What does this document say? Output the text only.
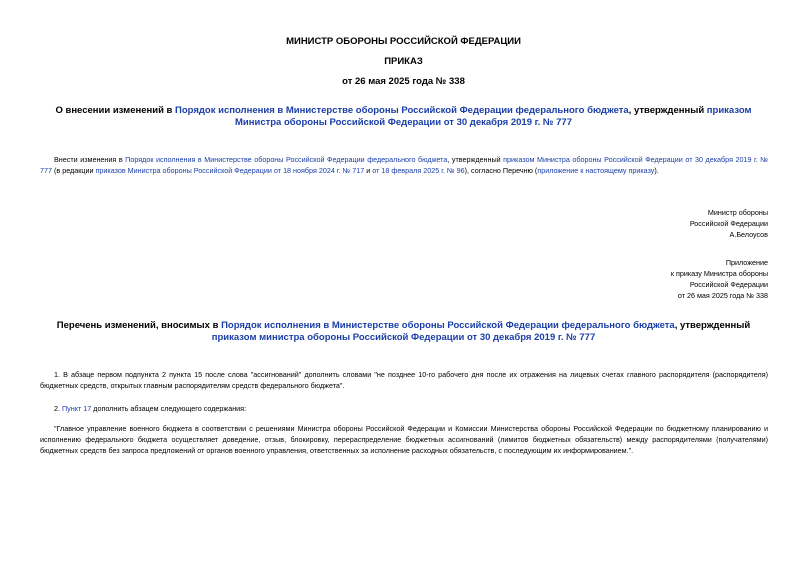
МИНИСТР ОБОРОНЫ РОССИЙСКОЙ ФЕДЕРАЦИИ
ПРИКАЗ
от 26 мая 2025 года № 338
О внесении изменений в Порядок исполнения в Министерстве обороны Российской Федерации федерального бюджета, утвержденный приказом Министра обороны Российской Федерации от 30 декабря 2019 г. № 777
Внести изменения в Порядок исполнения в Министерстве обороны Российской Федерации федерального бюджета, утвержденный приказом Министра обороны Российской Федерации от 30 декабря 2019 г. № 777 (в редакции приказов Министра обороны Российской Федерации от 18 ноября 2024 г. № 717 и от 18 февраля 2025 г. № 96), согласно Перечню (приложение к настоящему приказу).

Министр обороны

Российской Федерации

А.Белоусов

Приложение

к приказу Министра обороны

Российской Федерации

от 26 мая 2025 года № 338

Перечень изменений, вносимых в Порядок исполнения в Министерстве обороны Российской Федерации федерального бюджета, утвержденный приказом министра обороны Российской Федерации от 30 декабря 2019 г. № 777
1. В абзаце первом подпункта 2 пункта 15 после слова "ассигнований" дополнить словами "не позднее 10-го рабочего дня после их отражения на лицевых счетах главного распорядителя (распорядителя) бюджетных средств, открытых главным распорядителям средств федерального бюджета".
2. Пункт 17 дополнить абзацем следующего содержания:
"Главное управление военного бюджета в соответствии с решениями Министра обороны Российской Федерации и Комиссии Министерства обороны Российской Федерации по бюджетному планированию и исполнению федерального бюджета осуществляет доведение, отзыв, блокировку, перераспределение бюджетных ассигнований (лимитов бюджетных обязательств) между распорядителями (получателями) бюджетных средств без запроса предложений от органов военного управления, ответственных за исполнение расходных обязательств, с последующим их информированием.".
